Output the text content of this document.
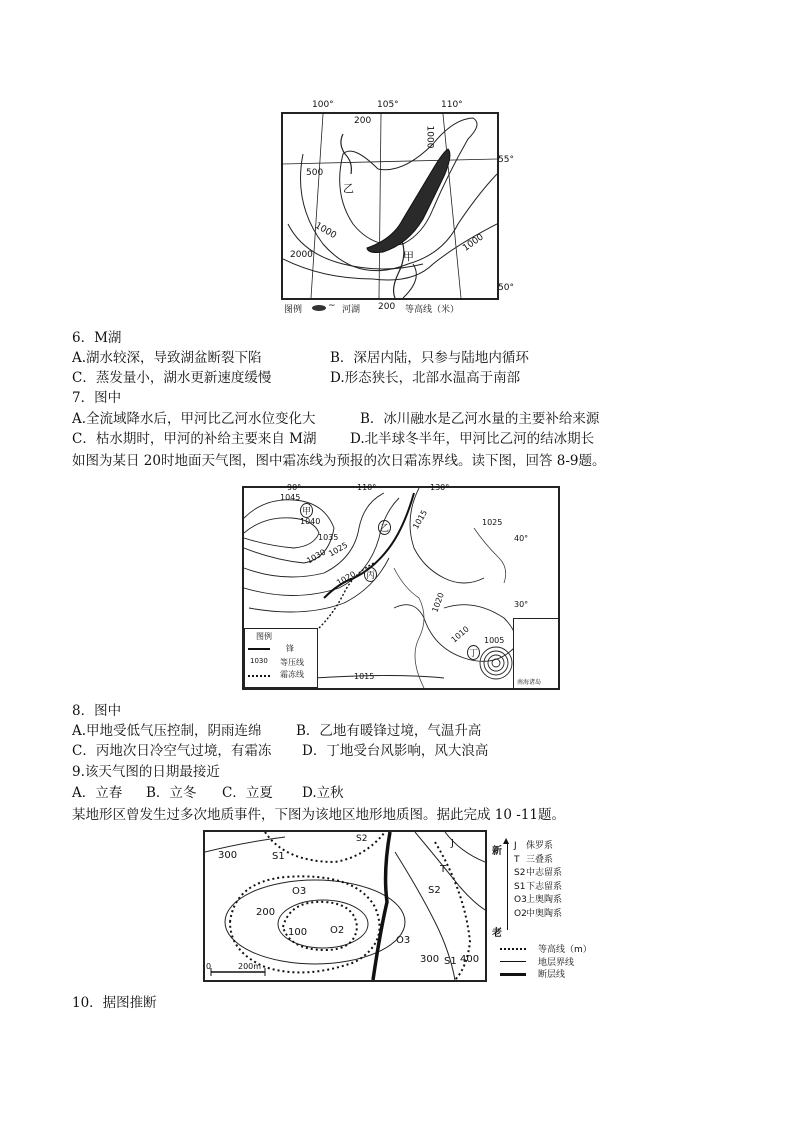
100°	105°	110°
55°
50°
200
1000
500
1000
2000
1000
乙
甲
图例	~ 河湖 200 等高线（米）
6．M湖
A.湖水较深，导致湖盆断裂下陷	B．深居内陆，只参与陆地内循环
C．蒸发量小，湖水更新速度缓慢	D.形态狭长，北部水温高于南部
7．图中
A.全流域降水后，甲河比乙河水位变化大	B．冰川融水是乙河水量的主要补给来源
C．枯水期时，甲河的补给主要来自 M湖 D.北半球冬半年，甲河比乙河的结冰期长
如图为某日 20时地面天气图，图中霜冻线为预报的次日霜冻界线。读下图，回答 8-9题。
90°	110°	130°
40°
30°
1045
1040
1035
1030 1025
1020
1015	1025
1020
1010 1005
1015
甲
乙
丙
丁
图例
锋
1030 等压线
霜冻线
南海诸岛
8．图中
A.甲地受低气压控制，阴雨连绵	B．乙地有暖锋过境，气温升高
C．丙地次日冷空气过境，有霜冻 D．丁地受台风影响，风大浪高
9.该天气图的日期最接近
A．立春 B．立冬 C．立夏 D.立秋
某地形区曾发生过多次地质事件，下图为该地区地形地质图。据此完成 10 -11题。
300
200
100
300 400
S1
S2
O3
O2
O3
S2
T
J
S1
0	200m
新
▲
老
J 侏罗系
T 三叠系
S2中志留系
S1下志留系
O3上奥陶系
O2中奥陶系
等高线（m）
地层界线
断层线
10．据图推断
